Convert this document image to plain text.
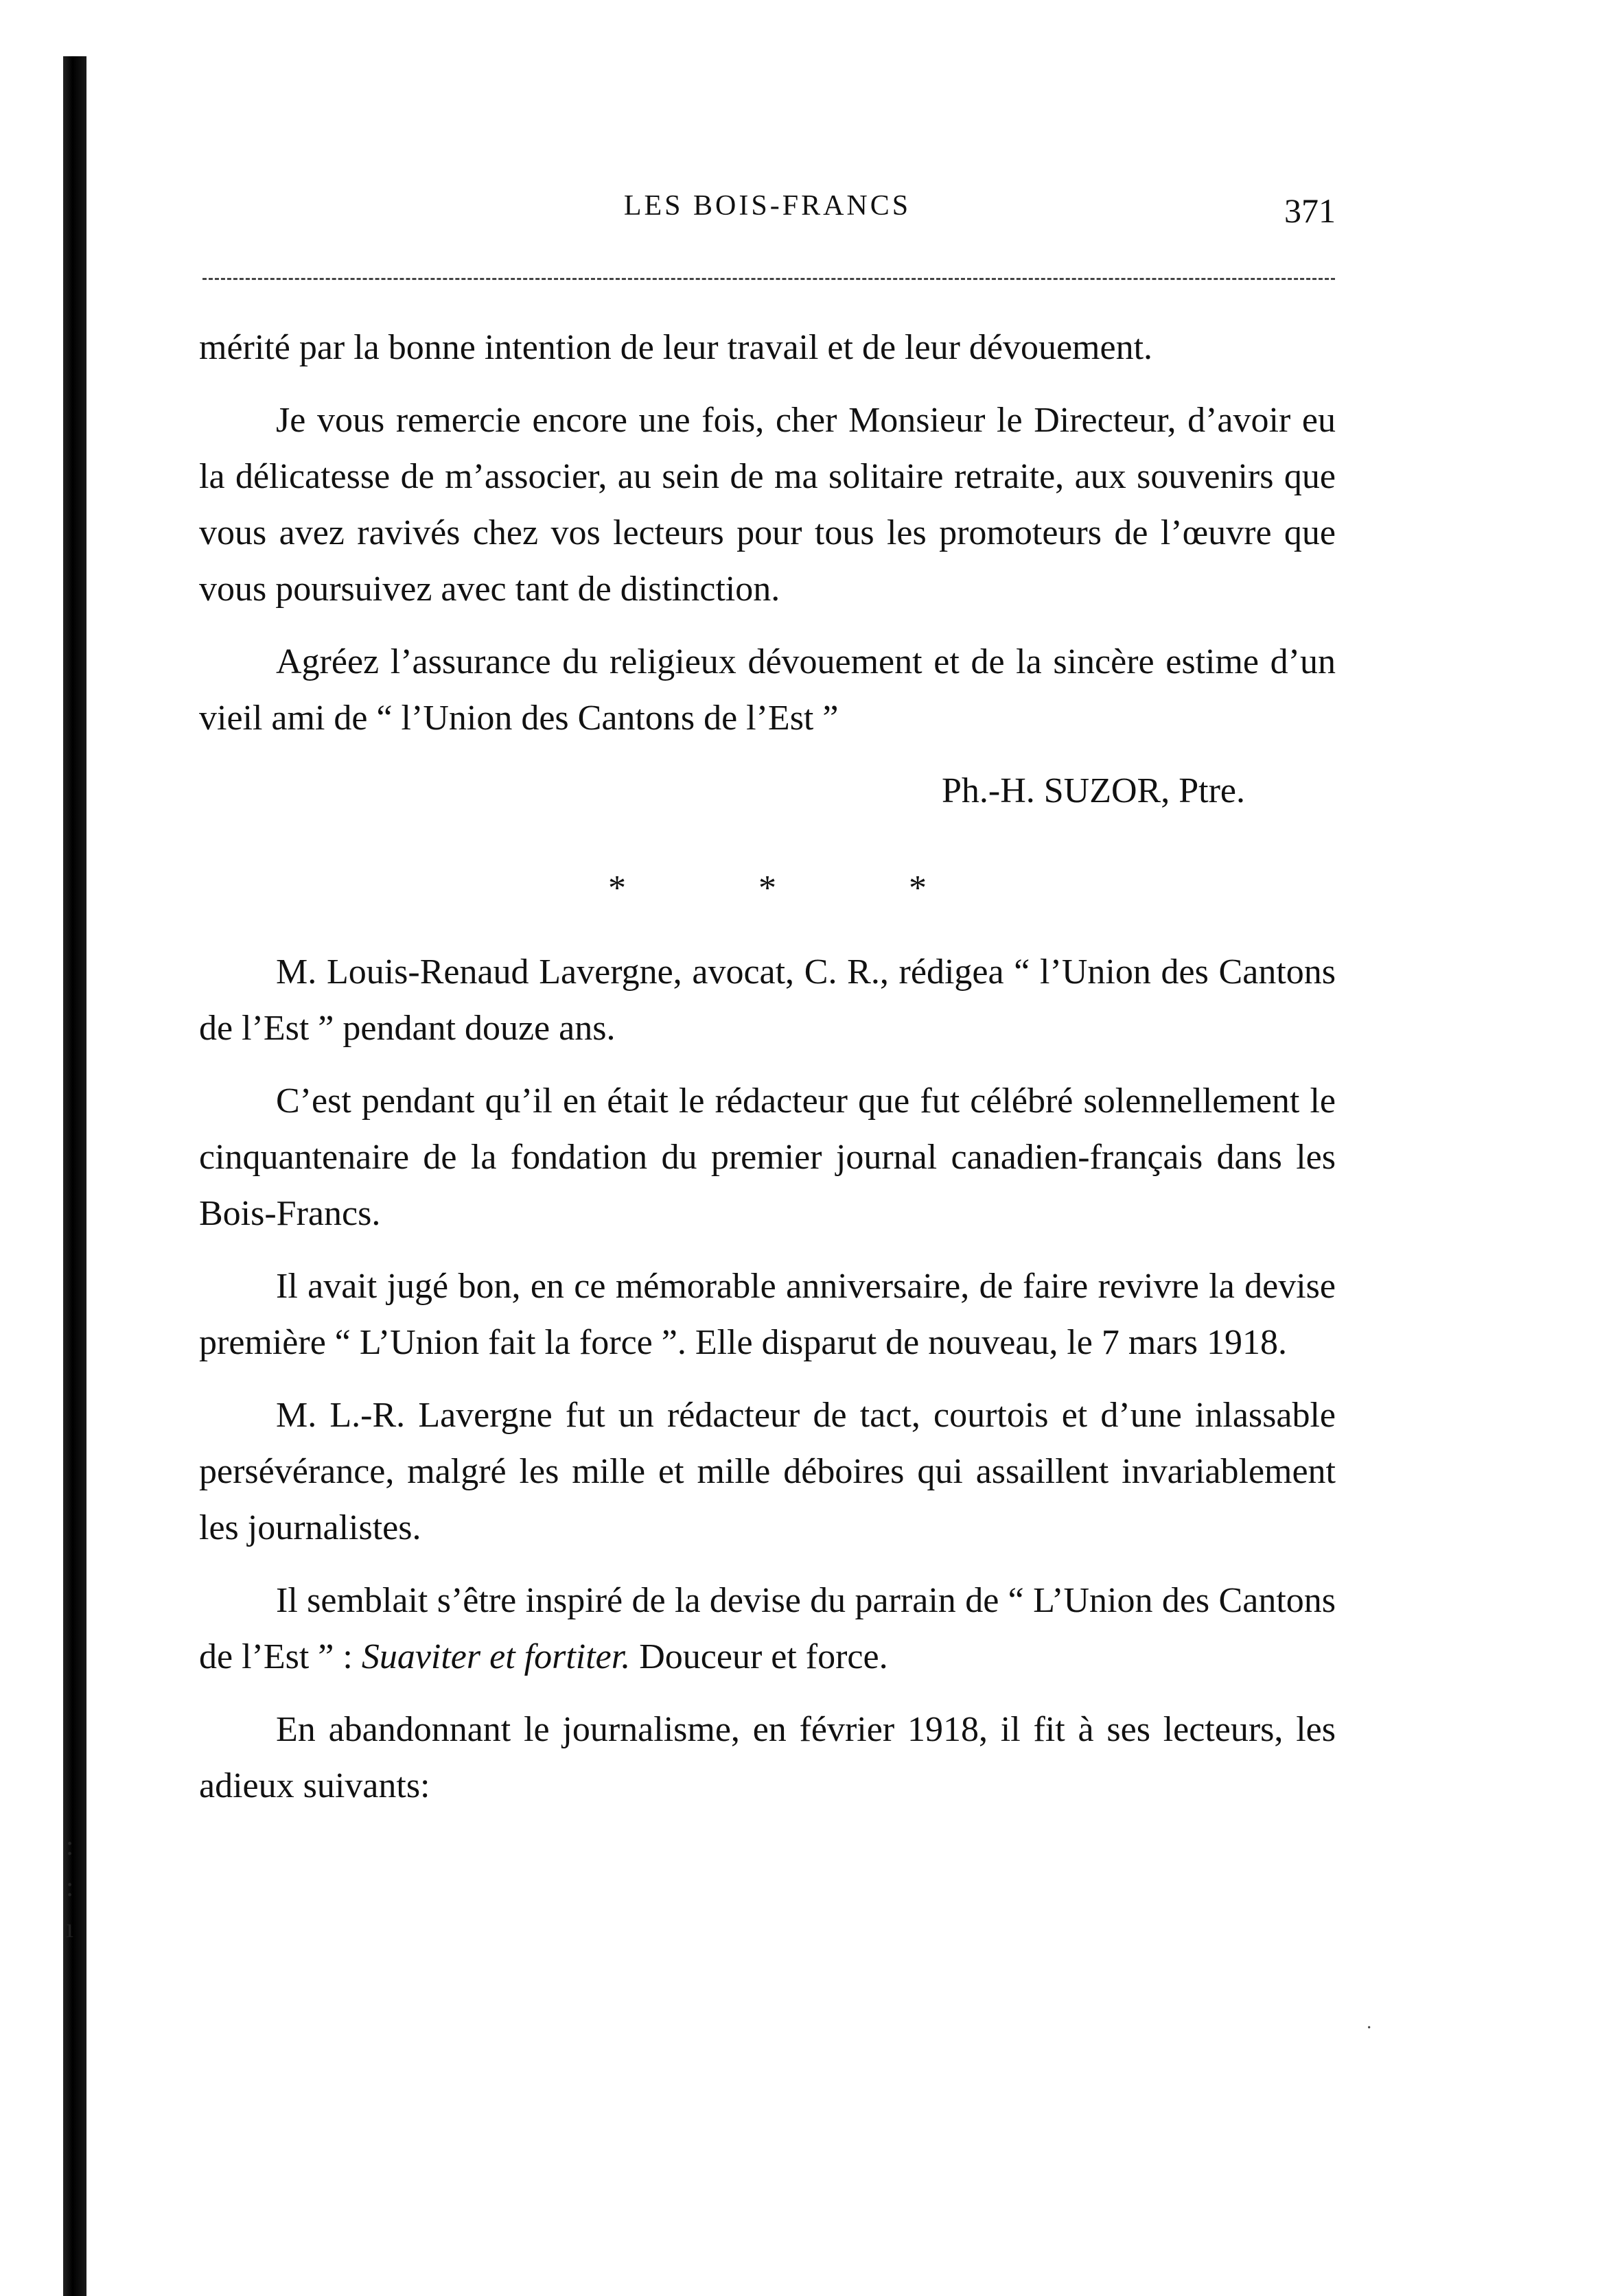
:
:
ı
LES BOIS-FRANCS	371

mérité par la bonne intention de leur travail et de leur dévouement.

Je vous remercie encore une fois, cher Monsieur le Directeur, d’avoir eu la délicatesse de m’associer, au sein de ma solitaire retraite, aux souvenirs que vous avez ravivés chez vos lecteurs pour tous les promoteurs de l’œuvre que vous poursuivez avec tant de distinction.

Agréez l’assurance du religieux dévouement et de la sincère estime d’un vieil ami de “ l’Union des Cantons de l’Est ”

Ph.-H. SUZOR, Ptre.
* * *

M. Louis-Renaud Lavergne, avocat, C. R., rédigea “ l’Union des Cantons de l’Est ” pendant douze ans.

C’est pendant qu’il en était le rédacteur que fut célébré solennellement le cinquantenaire de la fondation du premier journal canadien-français dans les Bois-Francs.

Il avait jugé bon, en ce mémorable anniversaire, de faire revivre la devise première “ L’Union fait la force ”. Elle disparut de nouveau, le 7 mars 1918.

M. L.-R. Lavergne fut un rédacteur de tact, courtois et d’une inlassable persévérance, malgré les mille et mille déboires qui assaillent invariablement les journalistes.

Il semblait s’être inspiré de la devise du parrain de “ L’Union des Cantons de l’Est ” : Suaviter et fortiter. Douceur et force.

En abandonnant le journalisme, en février 1918, il fit à ses lecteurs, les adieux suivants:

·
